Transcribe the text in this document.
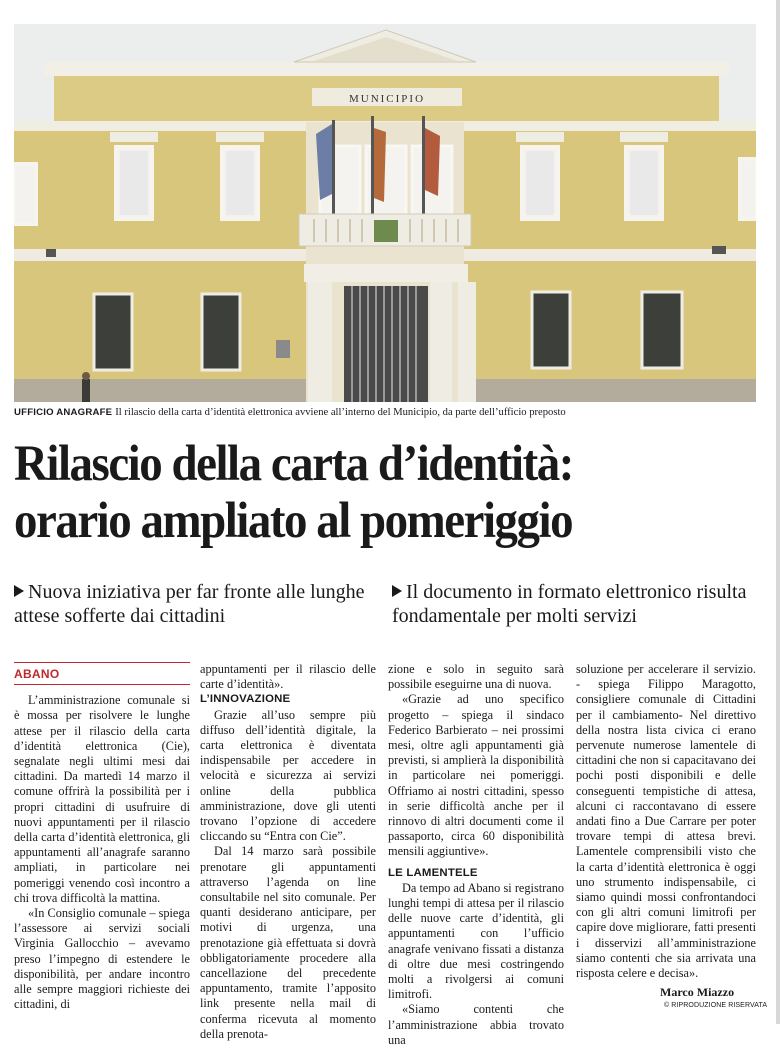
MUNICIPIO
UFFICIO ANAGRAFE Il rilascio della carta d’identità elettronica avviene all’interno del Municipio, da parte dell’ufficio preposto
Rilascio della carta d’identità:
orario ampliato al pomeriggio
Nuova iniziativa per far fronte alle lunghe attese sofferte dai cittadini
Il documento in formato elettronico risulta fondamentale per molti servizi
ABANO

L’amministrazione comunale si è mossa per risolvere le lunghe attese per il rilascio della carta d’identità elettronica (Cie), segnalate negli ultimi mesi dai cittadini. Da martedì 14 marzo il comune offrirà la possibilità per i propri cittadini di usufruire di nuovi appuntamenti per il rilascio della carta d’identità elettronica, gli appuntamenti all’anagrafe saranno ampliati, in particolare nei pomeriggi venendo così incontro a chi trova difficoltà la mattina.

«In Consiglio comunale – spiega l’assessore ai servizi sociali Virginia Gallocchio – avevamo preso l’impegno di estendere le disponibilità, per andare incontro alle sempre maggiori richieste dei cittadini, di

appuntamenti per il rilascio delle carte d’identità».

L’INNOVAZIONE

Grazie all’uso sempre più diffuso dell’identità digitale, la carta elettronica è diventata indispensabile per accedere in velocità e sicurezza ai servizi online della pubblica amministrazione, dove gli utenti trovano l’opzione di accedere cliccando su “Entra con Cie”.

Dal 14 marzo sarà possibile prenotare gli appuntamenti attraverso l’agenda on line consultabile nel sito comunale. Per quanti desiderano anticipare, per motivi di urgenza, una prenotazione già effettuata si dovrà obbligatoriamente procedere alla cancellazione del precedente appuntamento, tramite l’apposito link presente nella mail di conferma ricevuta al momento della prenota-

zione e solo in seguito sarà possibile eseguirne una di nuova.

«Grazie ad uno specifico progetto – spiega il sindaco Federico Barbierato – nei prossimi mesi, oltre agli appuntamenti già previsti, si amplierà la disponibilità in particolare nei pomeriggi. Offriamo ai nostri cittadini, spesso in serie difficoltà anche per il rinnovo di altri documenti come il passaporto, circa 60 disponibilità mensili aggiuntive».

LE LAMENTELE

Da tempo ad Abano si registrano lunghi tempi di attesa per il rilascio delle nuove carte d’identità, gli appuntamenti con l’ufficio anagrafe venivano fissati a distanza di oltre due mesi costringendo molti a rivolgersi ai comuni limitrofi.

«Siamo contenti che l’amministrazione abbia trovato una

soluzione per accelerare il servizio. - spiega Filippo Maragotto, consigliere comunale di Cittadini per il cambiamento- Nel direttivo della nostra lista civica ci erano pervenute numerose lamentele di cittadini che non si capacitavano dei pochi posti disponibili e delle conseguenti tempistiche di attesa, alcuni ci raccontavano di essere andati fino a Due Carrare per poter trovare tempi di attesa brevi. Lamentele comprensibili visto che la carta d’identità elettronica è oggi uno strumento indispensabile, ci siamo quindi mossi confrontandoci con gli altri comuni limitrofi per capire dove migliorare, fatti presenti i disservizi all’amministrazione siamo contenti che sia arrivata una risposta celere e decisa».

Marco Miazzo
© RIPRODUZIONE RISERVATA
